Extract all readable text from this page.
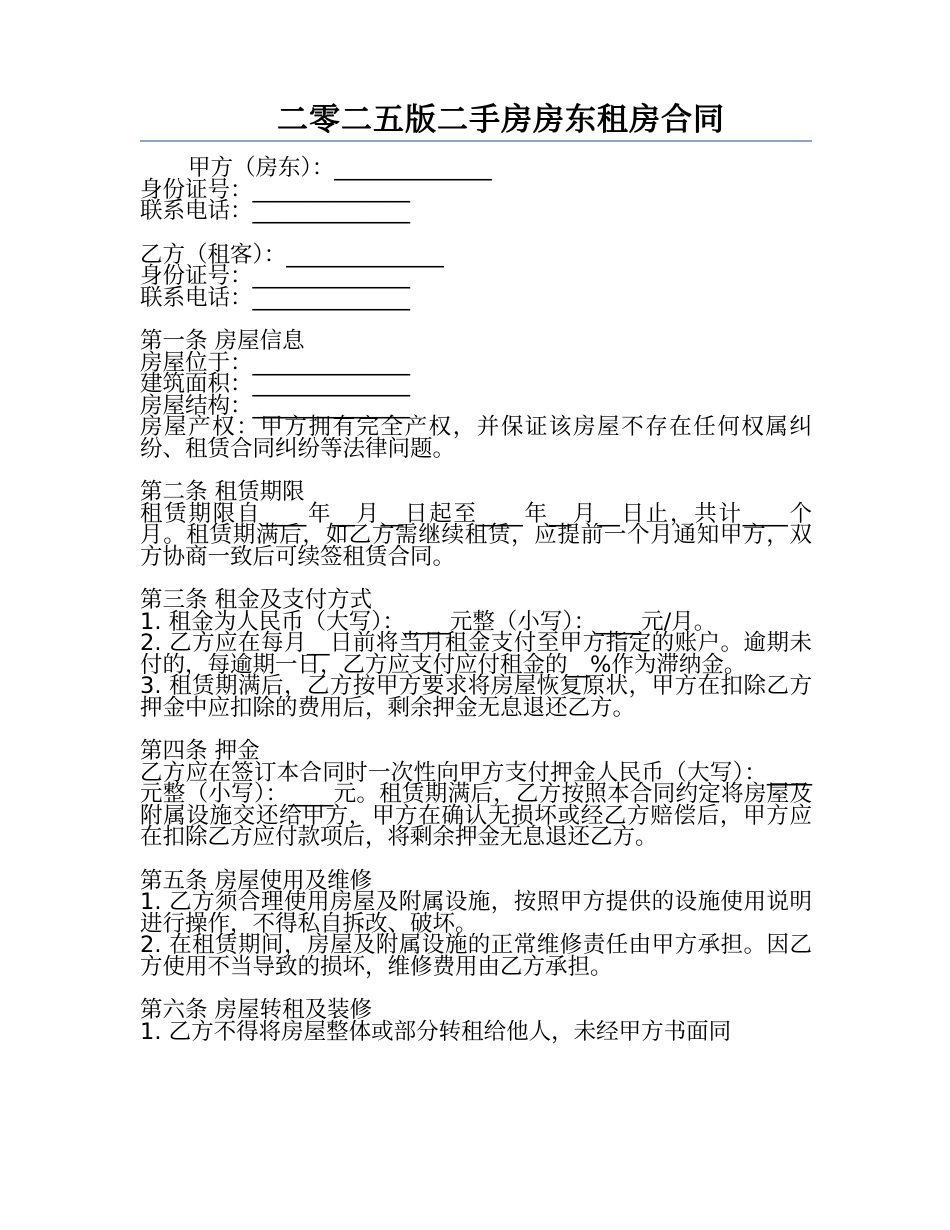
二零二五版二手房房东租房合同

甲方（房东）：______________

身份证号：______________

联系电话：______________

乙方（租客）：______________

身份证号：______________

联系电话：______________

第一条 房屋信息

房屋位于：______________

建筑面积：______________

房屋结构：______________

房屋产权：甲方拥有完全产权，并保证该房屋不存在任何权属纠纷、租赁合同纠纷等法律问题。

第二条 租赁期限

租赁期限自____年__月__日起至____年__月__日止，共计____个月。租赁期满后，如乙方需继续租赁，应提前一个月通知甲方，双方协商一致后可续签租赁合同。

第三条 租金及支付方式

1. 租金为人民币（大写）：____元整（小写）：____元/月。

2. 乙方应在每月__日前将当月租金支付至甲方指定的账户。逾期未付的，每逾期一日，乙方应支付应付租金的__%作为滞纳金。

3. 租赁期满后，乙方按甲方要求将房屋恢复原状，甲方在扣除乙方押金中应扣除的费用后，剩余押金无息退还乙方。

第四条 押金

乙方应在签订本合同时一次性向甲方支付押金人民币（大写）：____元整（小写）：____元。租赁期满后，乙方按照本合同约定将房屋及附属设施交还给甲方，甲方在确认无损坏或经乙方赔偿后，甲方应在扣除乙方应付款项后，将剩余押金无息退还乙方。

第五条 房屋使用及维修

1. 乙方须合理使用房屋及附属设施，按照甲方提供的设施使用说明进行操作，不得私自拆改、破坏。

2. 在租赁期间，房屋及附属设施的正常维修责任由甲方承担。因乙方使用不当导致的损坏，维修费用由乙方承担。

第六条 房屋转租及装修

1. 乙方不得将房屋整体或部分转租给他人，未经甲方书面同
